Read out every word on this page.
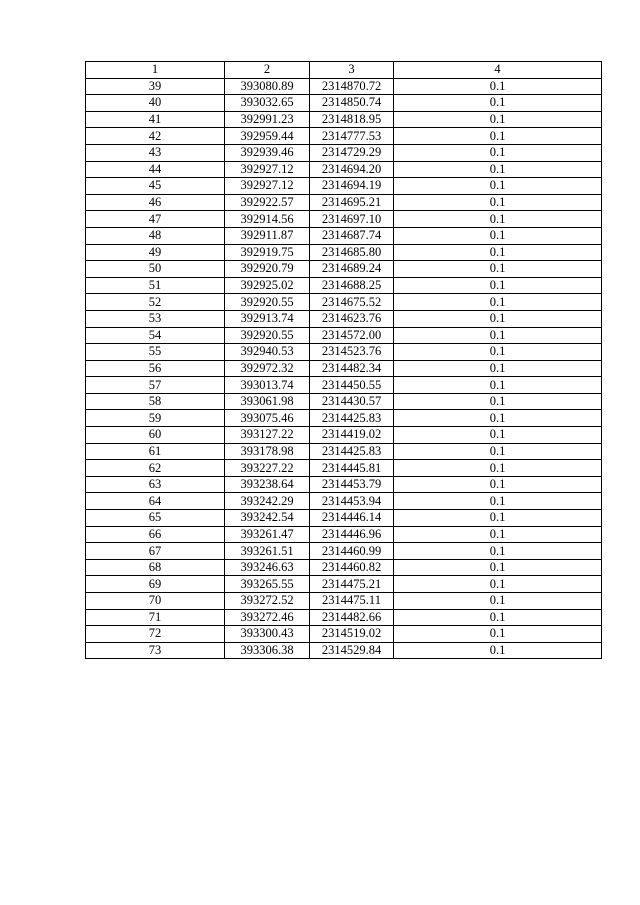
1	2	3	4
39	393080.89	2314870.72	0.1
40	393032.65	2314850.74	0.1
41	392991.23	2314818.95	0.1
42	392959.44	2314777.53	0.1
43	392939.46	2314729.29	0.1
44	392927.12	2314694.20	0.1
45	392927.12	2314694.19	0.1
46	392922.57	2314695.21	0.1
47	392914.56	2314697.10	0.1
48	392911.87	2314687.74	0.1
49	392919.75	2314685.80	0.1
50	392920.79	2314689.24	0.1
51	392925.02	2314688.25	0.1
52	392920.55	2314675.52	0.1
53	392913.74	2314623.76	0.1
54	392920.55	2314572.00	0.1
55	392940.53	2314523.76	0.1
56	392972.32	2314482.34	0.1
57	393013.74	2314450.55	0.1
58	393061.98	2314430.57	0.1
59	393075.46	2314425.83	0.1
60	393127.22	2314419.02	0.1
61	393178.98	2314425.83	0.1
62	393227.22	2314445.81	0.1
63	393238.64	2314453.79	0.1
64	393242.29	2314453.94	0.1
65	393242.54	2314446.14	0.1
66	393261.47	2314446.96	0.1
67	393261.51	2314460.99	0.1
68	393246.63	2314460.82	0.1
69	393265.55	2314475.21	0.1
70	393272.52	2314475.11	0.1
71	393272.46	2314482.66	0.1
72	393300.43	2314519.02	0.1
73	393306.38	2314529.84	0.1
